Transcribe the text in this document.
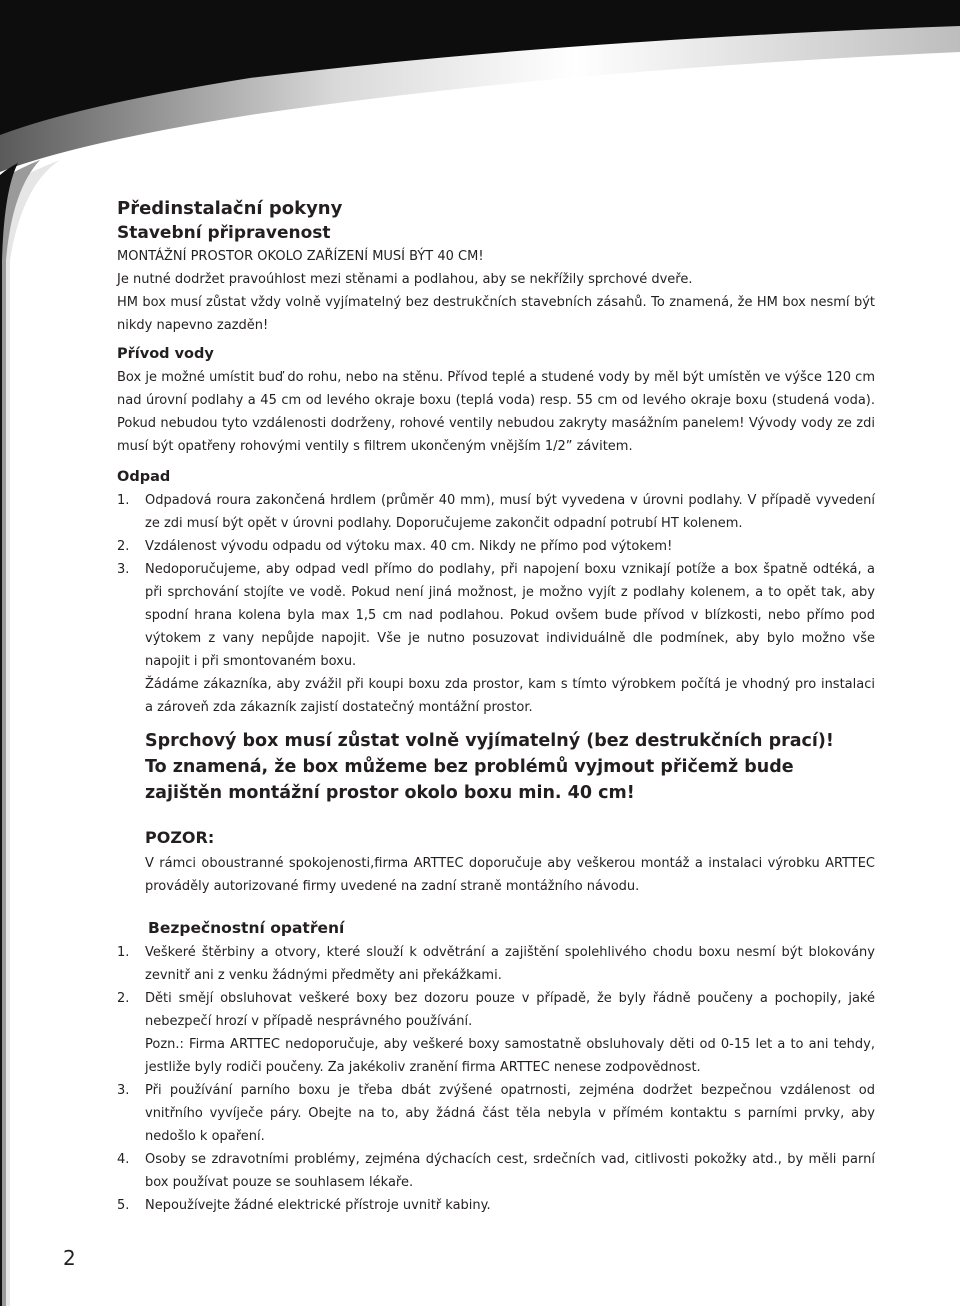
Předinstalační pokyny

Stavební připravenost

MONTÁŽNÍ PROSTOR OKOLO ZAŘÍZENÍ MUSÍ BÝT 40 CM!

Je nutné dodržet pravoúhlost mezi stěnami a podlahou, aby se nekřížily sprchové dveře.

HM box musí zůstat vždy volně vyjímatelný bez destrukčních stavebních zásahů. To znamená, že HM box nesmí být nikdy napevno zazděn!

Přívod vody

Box je možné umístit buď do rohu, nebo na stěnu. Přívod teplé a studené vody by měl být umístěn ve výšce 120 cm nad úrovní podlahy a 45 cm od levého okraje boxu (teplá voda) resp. 55 cm od levého okraje boxu (studená voda). Pokud nebudou tyto vzdálenosti dodrženy, rohové ventily nebudou zakryty masážním panelem! Vývody vody ze zdi musí být opatřeny rohovými ventily s filtrem ukončeným vnějším 1/2” závitem.

Odpad

1. Odpadová roura zakončená hrdlem (průměr 40 mm), musí být vyvedena v úrovni podlahy. V případě vyvedení ze zdi musí být opět v úrovni podlahy. Doporučujeme zakončit odpadní potrubí HT kolenem.
2. Vzdálenost vývodu odpadu od výtoku max. 40 cm. Nikdy ne přímo pod výtokem!
3. Nedoporučujeme, aby odpad vedl přímo do podlahy, při napojení boxu vznikají potíže a box špatně odtéká, a při sprchování stojíte ve vodě. Pokud není jiná možnost, je možno vyjít z podlahy kolenem, a to opět tak, aby spodní hrana kolena byla max 1,5 cm nad podlahou. Pokud ovšem bude přívod v blízkosti, nebo přímo pod výtokem z vany nepůjde napojit. Vše je nutno posuzovat individuálně dle podmínek, aby bylo možno vše napojit i při smontovaném boxu.

Žádáme zákazníka, aby zvážil při koupi boxu zda prostor, kam s tímto výrobkem počítá je vhodný pro instalaci a zároveň zda zákazník zajistí dostatečný montážní prostor.

Sprchový box musí zůstat volně vyjímatelný (bez destrukčních prací)!

To znamená, že box můžeme bez problémů vyjmout přičemž bude zajištěn montážní prostor okolo boxu min. 40 cm!

POZOR:

V rámci oboustranné spokojenosti,firma ARTTEC doporučuje aby veškerou montáž a instalaci výrobku ARTTEC prováděly autorizované firmy uvedené na zadní straně montážního návodu.

Bezpečnostní opatření

1. Veškeré štěrbiny a otvory, které slouží k odvětrání a zajištění spolehlivého chodu boxu nesmí být blokovány zevnitř ani z venku žádnými předměty ani překážkami.
2. Děti smějí obsluhovat veškeré boxy bez dozoru pouze v případě, že byly řádně poučeny a pochopily, jaké nebezpečí hrozí v případě nesprávného používání.

Pozn.: Firma ARTTEC nedoporučuje, aby veškeré boxy samostatně obsluhovaly děti od 0-15 let a to ani tehdy, jestliže byly rodiči poučeny. Za jakékoliv zranění firma ARTTEC nenese zodpovědnost.

3. Při používání parního boxu je třeba dbát zvýšené opatrnosti, zejména dodržet bezpečnou vzdálenost od vnitřního vyvíječe páry. Obejte na to, aby žádná část těla nebyla v přímém kontaktu s parními prvky, aby nedošlo k opaření.
4. Osoby se zdravotními problémy, zejména dýchacích cest, srdečních vad, citlivosti pokožky atd., by měli parní box používat pouze se souhlasem lékaře.
5. Nepoužívejte žádné elektrické přístroje uvnitř kabiny.
2
